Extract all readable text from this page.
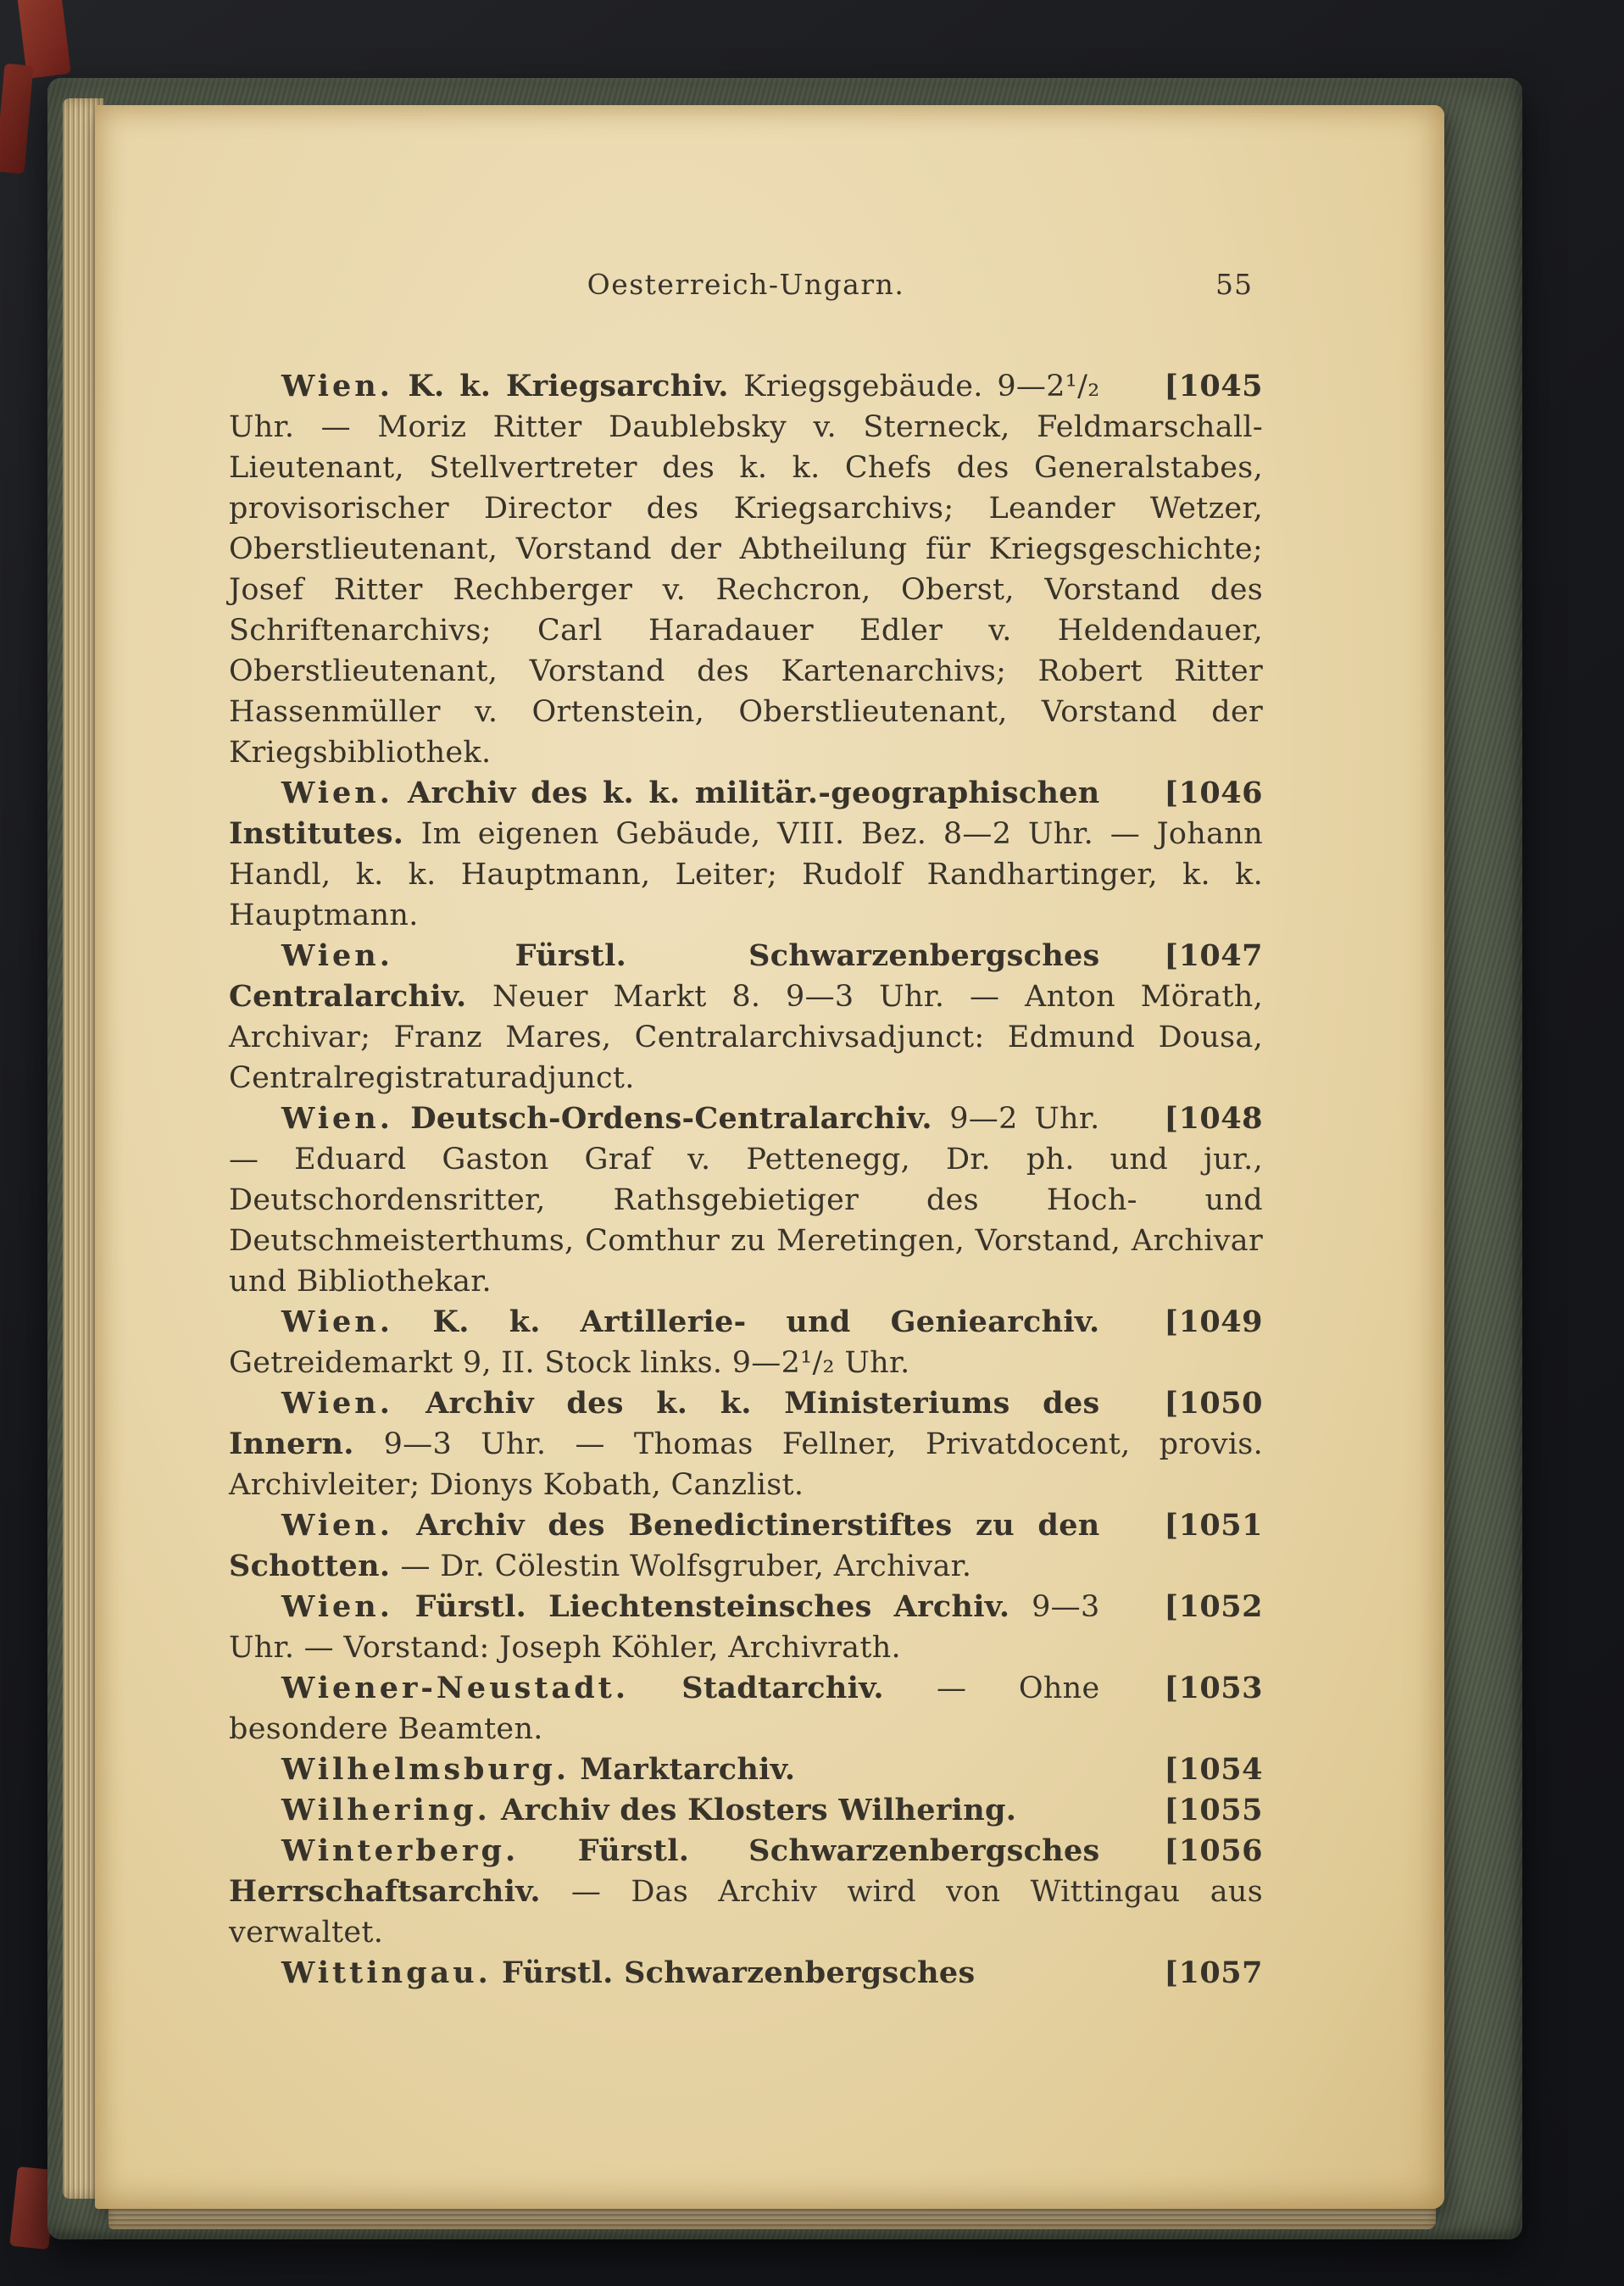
Oesterreich-Ungarn.	55

[1045
Wien. K. k. Kriegsarchiv. Kriegsgebäude. 9—2¹/₂ Uhr. — Moriz Ritter Daublebsky v. Sterneck, Feldmarschall-Lieutenant, Stellvertreter des k. k. Chefs des Generalstabes, provisorischer Director des Kriegsarchivs; Leander Wetzer, Oberstlieutenant, Vorstand der Abtheilung für Kriegsgeschichte; Josef Ritter Rechberger v. Rechcron, Oberst, Vorstand des Schriftenarchivs; Carl Haradauer Edler v. Heldendauer, Oberstlieutenant, Vorstand des Kartenarchivs; Robert Ritter Hassenmüller v. Ortenstein, Oberstlieutenant, Vorstand der Kriegsbibliothek.

[1046
Wien. Archiv des k. k. militär.-geographischen Institutes. Im eigenen Gebäude, VIII. Bez. 8—2 Uhr. — Johann Handl, k. k. Hauptmann, Leiter; Rudolf Randhartinger, k. k. Hauptmann.

[1047
Wien.	Fürstl. Schwarzenbergsches Centralarchiv. Neuer Markt 8. 9—3 Uhr. — Anton Mörath, Archivar; Franz Mares, Centralarchivsadjunct: Edmund Dousa, Centralregistraturadjunct.

[1048
Wien. Deutsch-Ordens-Centralarchiv. 9—2 Uhr. — Eduard Gaston Graf v. Pettenegg, Dr. ph. und jur., Deutschordensritter, Rathsgebietiger des Hoch- und Deutschmeisterthums, Comthur zu Meretingen, Vorstand, Archivar und Bibliothekar.

[1049
Wien. K. k. Artillerie- und Geniearchiv.Getreidemarkt 9, II. Stock links. 9—2¹/₂ Uhr.

[1050
Wien. Archiv des k. k. Ministeriums des Innern. 9—3 Uhr. — Thomas Fellner, Privatdocent, provis. Archivleiter; Dionys Kobath, Canzlist.

[1051
Wien. Archiv des Benedictinerstiftes zu den Schotten. — Dr. Cölestin Wolfsgruber, Archivar.

[1052
Wien. Fürstl. Liechtensteinsches Archiv. 9—3 Uhr. — Vorstand: Joseph Köhler, Archivrath.

[1053
Wiener-Neustadt. Stadtarchiv. — Ohne besondere Beamten.

[1054
Wilhelmsburg. Marktarchiv.

[1055
Wilhering. Archiv des Klosters Wilhering.

[1056
Winterberg. Fürstl. Schwarzenbergsches Herrschaftsarchiv. — Das Archiv wird von Wittingau aus verwaltet.

[1057
Wittingau. Fürstl. Schwarzenbergsches
